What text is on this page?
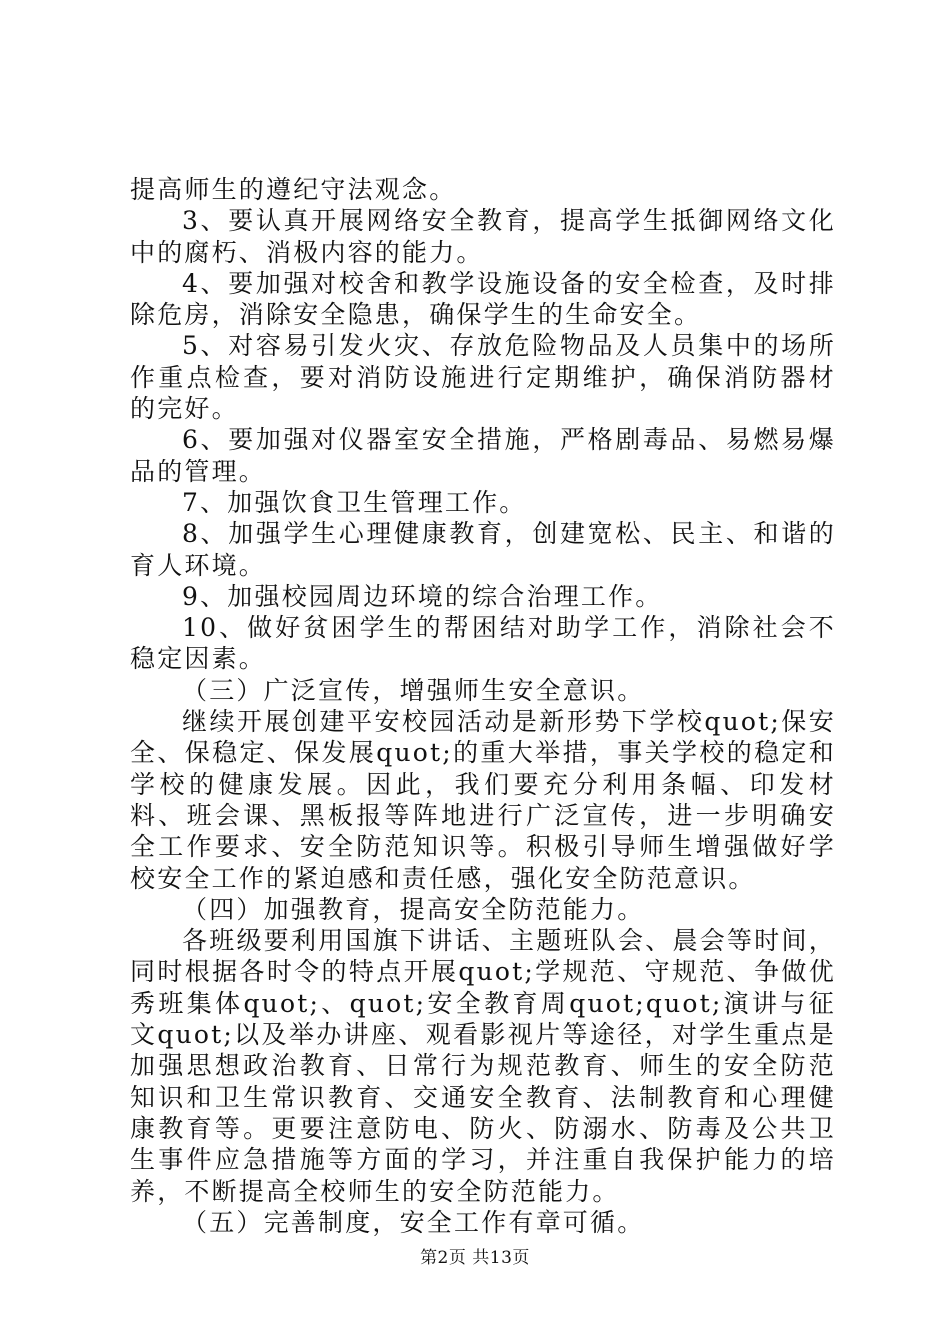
提高师生的遵纪守法观念。

3、要认真开展网络安全教育，提高学生抵御网络文化中的腐朽、消极内容的能力。

4、要加强对校舍和教学设施设备的安全检查，及时排除危房，消除安全隐患，确保学生的生命安全。

5、对容易引发火灾、存放危险物品及人员集中的场所作重点检查，要对消防设施进行定期维护，确保消防器材的完好。

6、要加强对仪器室安全措施，严格剧毒品、易燃易爆品的管理。

7、加强饮食卫生管理工作。

8、加强学生心理健康教育，创建宽松、民主、和谐的育人环境。

9、加强校园周边环境的综合治理工作。

10、做好贫困学生的帮困结对助学工作，消除社会不稳定因素。

（三）广泛宣传，增强师生安全意识。

继续开展创建平安校园活动是新形势下学校quot;保安全、保稳定、保发展quot;的重大举措，事关学校的稳定和学校的健康发展。因此，我们要充分利用条幅、印发材料、班会课、黑板报等阵地进行广泛宣传，进一步明确安全工作要求、安全防范知识等。积极引导师生增强做好学校安全工作的紧迫感和责任感，强化安全防范意识。

（四）加强教育，提高安全防范能力。

各班级要利用国旗下讲话、主题班队会、晨会等时间，同时根据各时令的特点开展quot;学规范、守规范、争做优秀班集体quot;、quot;安全教育周quot;quot;演讲与征文quot;以及举办讲座、观看影视片等途径，对学生重点是加强思想政治教育、日常行为规范教育、师生的安全防范知识和卫生常识教育、交通安全教育、法制教育和心理健康教育等。更要注意防电、防火、防溺水、防毒及公共卫生事件应急措施等方面的学习，并注重自我保护能力的培养，不断提高全校师生的安全防范能力。

（五）完善制度，安全工作有章可循。

第2页 共13页
